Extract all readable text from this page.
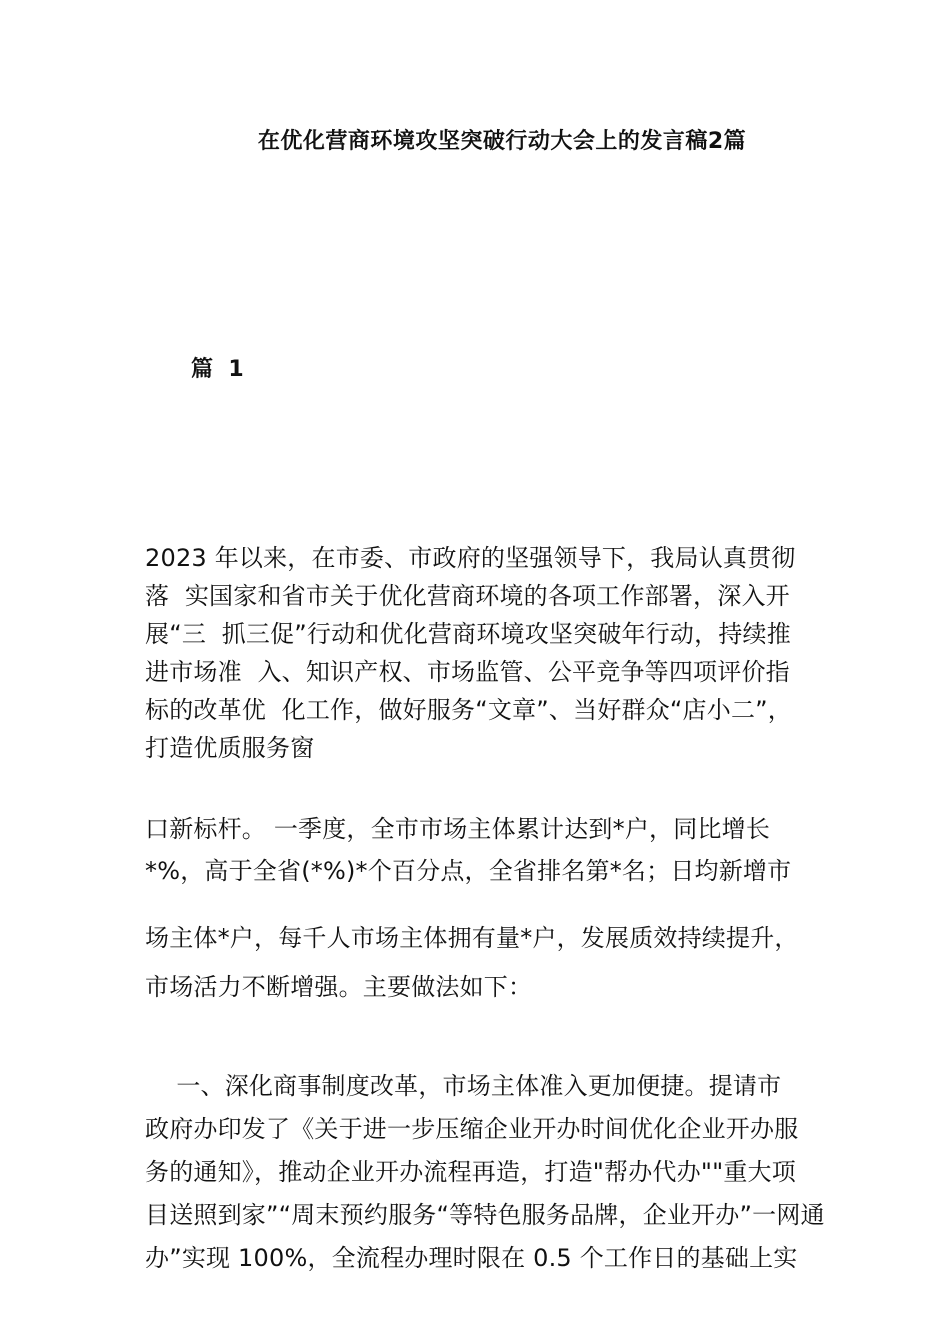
在优化营商环境攻坚突破行动大会上的发言稿2篇
篇  1
2023 年以来，在市委、市政府的坚强领导下，我局认真贯彻
落  实国家和省市关于优化营商环境的各项工作部署，深入开
展“三  抓三促”行动和优化营商环境攻坚突破年行动，持续推
进市场准  入、知识产权、市场监管、公平竞争等四项评价指
标的改革优  化工作，做好服务“文章”、当好群众“店小二”，
打造优质服务窗
口新标杆。 一季度，全市市场主体累计达到*户，同比增长
*%，高于全省(*%)*个百分点，全省排名第*名；日均新增市
场主体*户，每千人市场主体拥有量*户，发展质效持续提升，
市场活力不断增强。主要做法如下：
一、深化商事制度改革，市场主体准入更加便捷。提请市
政府办印发了《关于进一步压缩企业开办时间优化企业开办服
务的通知》，推动企业开办流程再造，打造"帮办代办""重大项
目送照到家”“周末预约服务“等特色服务品牌，企业开办”一网通
办”实现 100%，全流程办理时限在 0.5 个工作日的基础上实
